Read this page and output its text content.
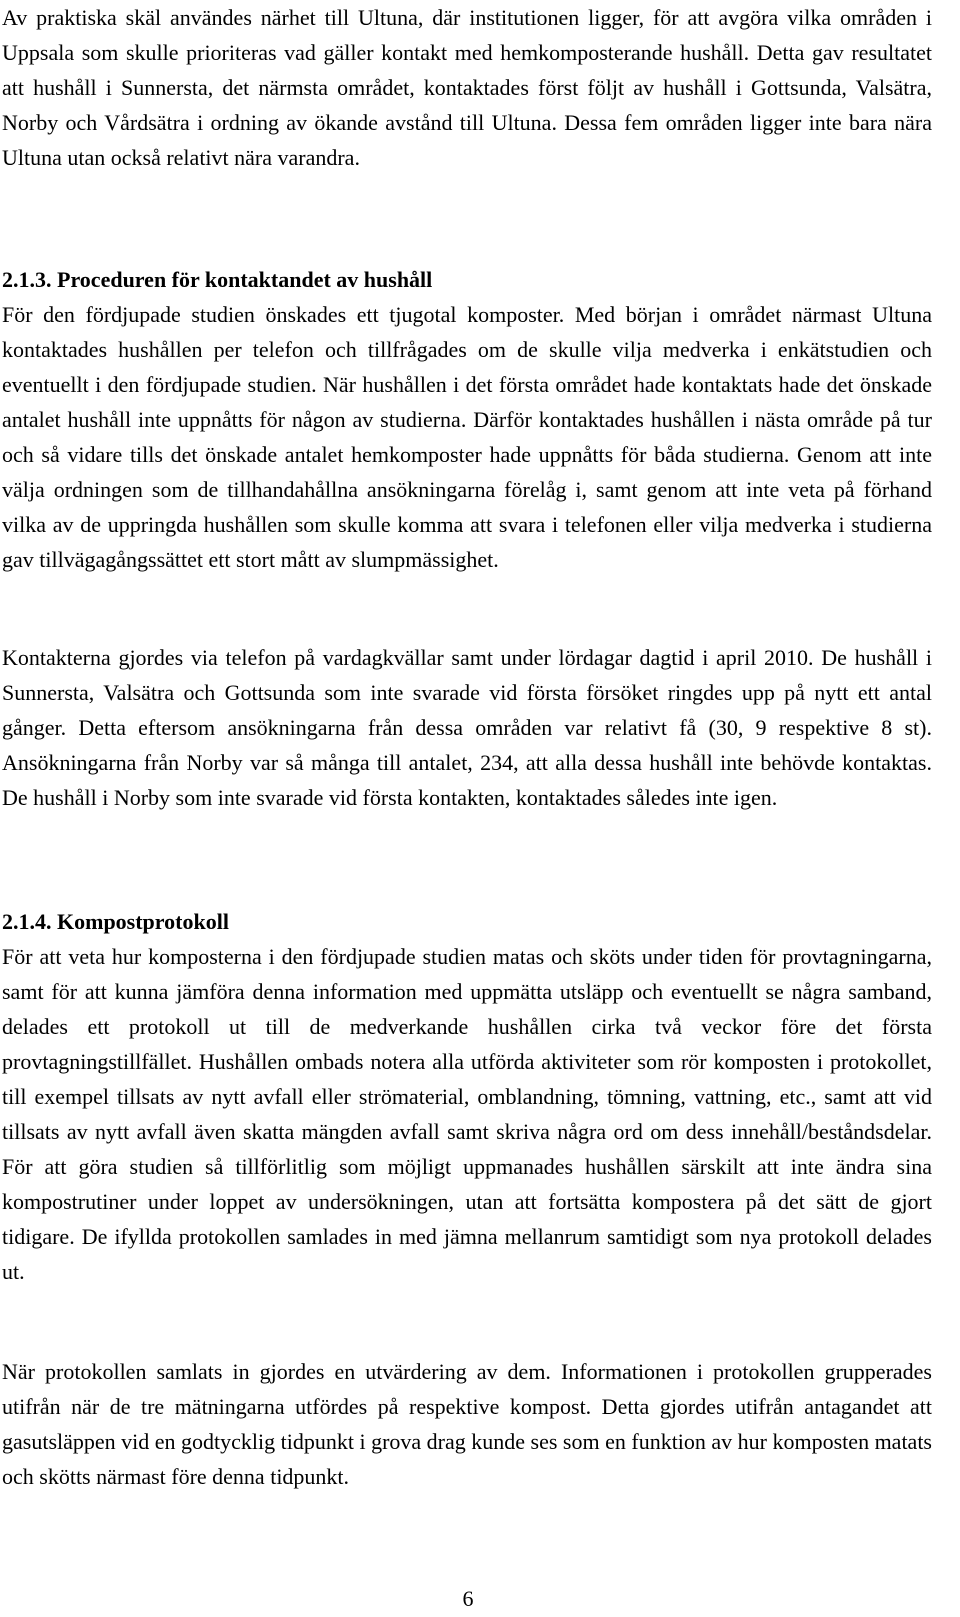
Av praktiska skäl användes närhet till Ultuna, där institutionen ligger, för att avgöra vilka områden i Uppsala som skulle prioriteras vad gäller kontakt med hemkomposterande hushåll. Detta gav resultatet att hushåll i Sunnersta, det närmsta området, kontaktades först följt av hushåll i Gottsunda, Valsätra, Norby och Vårdsätra i ordning av ökande avstånd till Ultuna. Dessa fem områden ligger inte bara nära Ultuna utan också relativt nära varandra.

2.1.3. Proceduren för kontaktandet av hushåll

För den fördjupade studien önskades ett tjugotal komposter. Med början i området närmast Ultuna kontaktades hushållen per telefon och tillfrågades om de skulle vilja medverka i enkätstudien och eventuellt i den fördjupade studien. När hushållen i det första området hade kontaktats hade det önskade antalet hushåll inte uppnåtts för någon av studierna. Därför kontaktades hushållen i nästa område på tur och så vidare tills det önskade antalet hemkomposter hade uppnåtts för båda studierna. Genom att inte välja ordningen som de tillhandahållna ansökningarna förelåg i, samt genom att inte veta på förhand vilka av de uppringda hushållen som skulle komma att svara i telefonen eller vilja medverka i studierna gav tillvägagångssättet ett stort mått av slumpmässighet.

Kontakterna gjordes via telefon på vardagkvällar samt under lördagar dagtid i april 2010. De hushåll i Sunnersta, Valsätra och Gottsunda som inte svarade vid första försöket ringdes upp på nytt ett antal gånger. Detta eftersom ansökningarna från dessa områden var relativt få (30, 9 respektive 8 st). Ansökningarna från Norby var så många till antalet, 234, att alla dessa hushåll inte behövde kontaktas. De hushåll i Norby som inte svarade vid första kontakten, kontaktades således inte igen.

2.1.4. Kompostprotokoll

För att veta hur komposterna i den fördjupade studien matas och sköts under tiden för provtagningarna, samt för att kunna jämföra denna information med uppmätta utsläpp och eventuellt se några samband, delades ett protokoll ut till de medverkande hushållen cirka två veckor före det första provtagningstillfället. Hushållen ombads notera alla utförda aktiviteter som rör komposten i protokollet, till exempel tillsats av nytt avfall eller strömaterial, omblandning, tömning, vattning, etc., samt att vid tillsats av nytt avfall även skatta mängden avfall samt skriva några ord om dess innehåll/beståndsdelar. För att göra studien så tillförlitlig som möjligt uppmanades hushållen särskilt att inte ändra sina kompostrutiner under loppet av undersökningen, utan att fortsätta kompostera på det sätt de gjort tidigare. De ifyllda protokollen samlades in med jämna mellanrum samtidigt som nya protokoll delades ut.

När protokollen samlats in gjordes en utvärdering av dem. Informationen i protokollen grupperades utifrån när de tre mätningarna utfördes på respektive kompost. Detta gjordes utifrån antagandet att gasutsläppen vid en godtycklig tidpunkt i grova drag kunde ses som en funktion av hur komposten matats och skötts närmast före denna tidpunkt.

6
